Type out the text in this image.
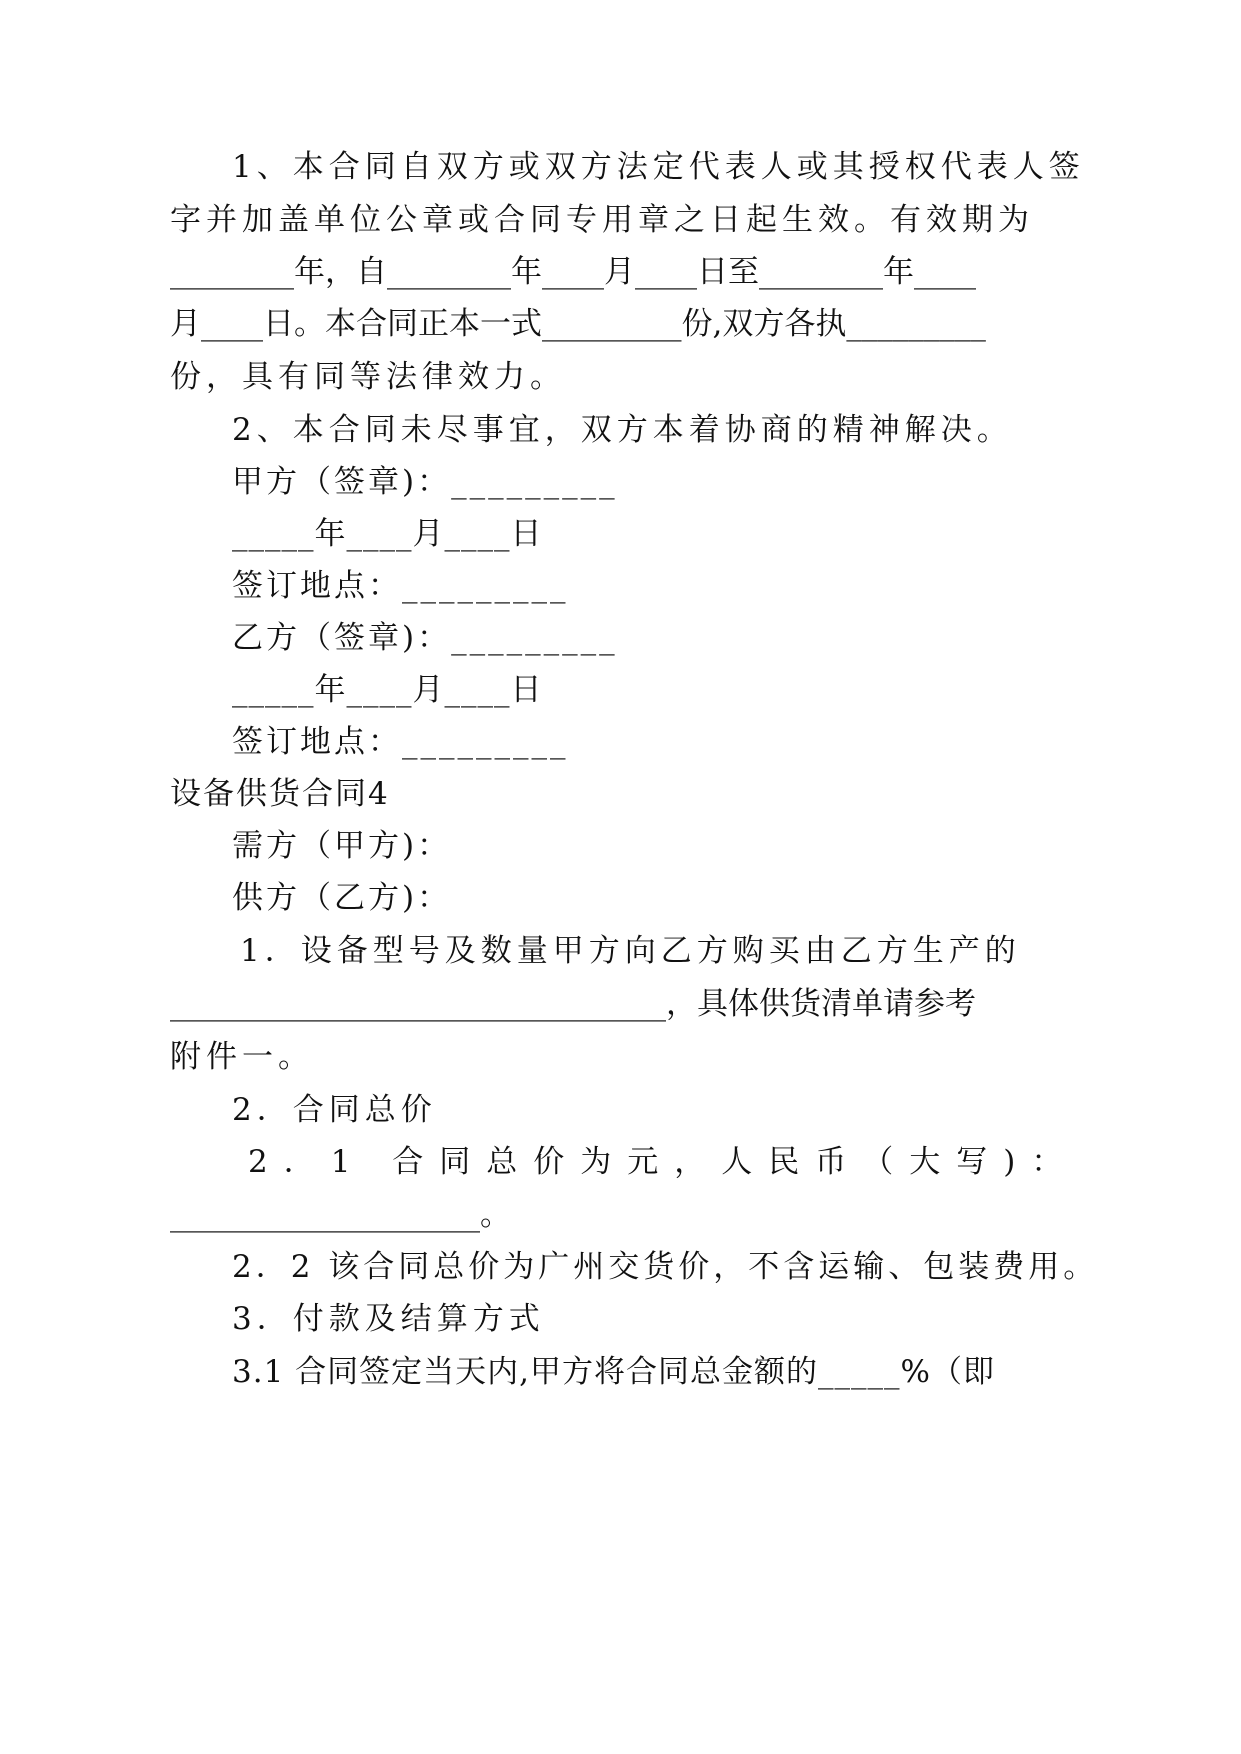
1、本合同自双方或双方法定代表人或其授权代表人签
字并加盖单位公章或合同专用章之日起生效。有效期为
________年，自________年____月____日至________年____
月____日。本合同正本一式_________份,双方各执_________
份，具有同等法律效力。
2、本合同未尽事宜，双方本着协商的精神解决。
甲方（签章)：_________
_____年____月____日
签订地点：_________
乙方（签章)：_________
_____年____月____日
签订地点：_________
设备供货合同4
需方（甲方)：
供方（乙方)：
1．设备型号及数量甲方向乙方购买由乙方生产的
________________________________，具体供货清单请参考
附件一。
2．合同总价
2．1 合同总价为元，人民币（大写)：
____________________。
2．2 该合同总价为广州交货价，不含运输、包装费用。
3．付款及结算方式
3.1 合同签定当天内,甲方将合同总金额的_____%（即
